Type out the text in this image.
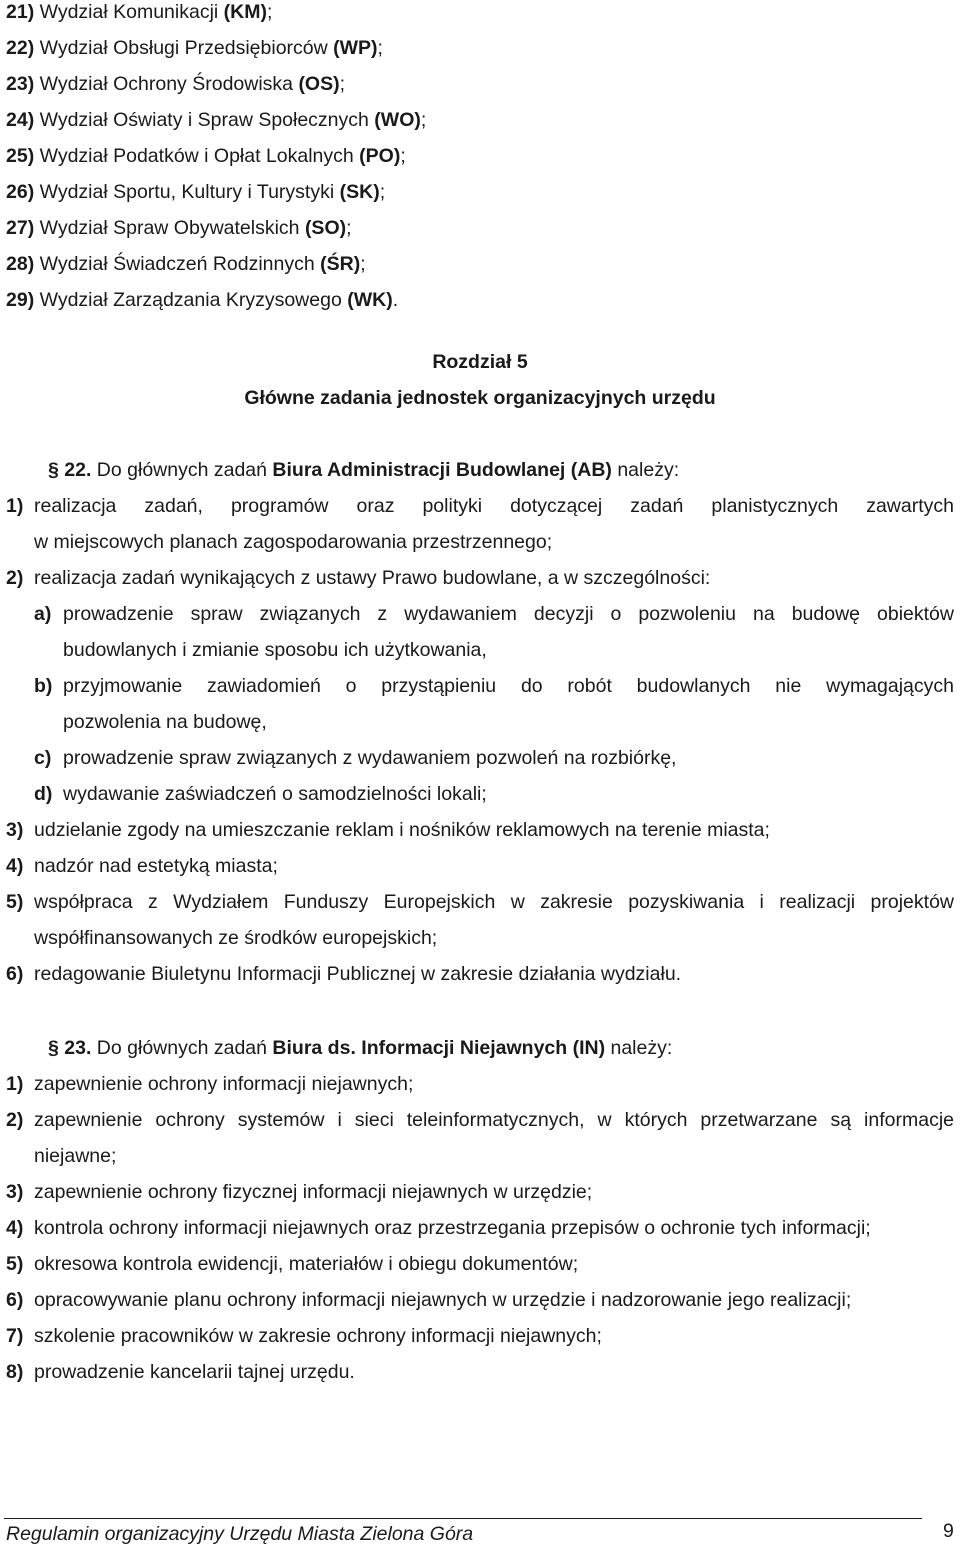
21) Wydział Komunikacji (KM);
22) Wydział Obsługi Przedsiębiorców (WP);
23) Wydział Ochrony Środowiska (OS);
24) Wydział Oświaty i Spraw Społecznych (WO);
25) Wydział Podatków i Opłat Lokalnych (PO);
26) Wydział Sportu, Kultury i Turystyki (SK);
27) Wydział Spraw Obywatelskich (SO);
28) Wydział Świadczeń Rodzinnych (ŚR);
29) Wydział Zarządzania Kryzysowego (WK).
Rozdział 5
Główne zadania jednostek organizacyjnych urzędu
§ 22. Do głównych zadań Biura Administracji Budowlanej (AB) należy:
1) realizacja zadań, programów oraz polityki dotyczącej zadań planistycznych zawartych
w miejscowych planach zagospodarowania przestrzennego;
2) realizacja zadań wynikających z ustawy Prawo budowlane, a w szczególności:
a) prowadzenie spraw związanych z wydawaniem decyzji o pozwoleniu na budowę obiektów
budowlanych i zmianie sposobu ich użytkowania,
b) przyjmowanie zawiadomień o przystąpieniu do robót budowlanych nie wymagających
pozwolenia na budowę,
c) prowadzenie spraw związanych z wydawaniem pozwoleń na rozbiórkę,
d) wydawanie zaświadczeń o samodzielności lokali;
3) udzielanie zgody na umieszczanie reklam i nośników reklamowych na terenie miasta;
4) nadzór nad estetyką miasta;
5) współpraca z Wydziałem Funduszy Europejskich w zakresie pozyskiwania i realizacji projektów
współfinansowanych ze środków europejskich;
6) redagowanie Biuletynu Informacji Publicznej w zakresie działania wydziału.
§ 23. Do głównych zadań Biura ds. Informacji Niejawnych (IN) należy:
1) zapewnienie ochrony informacji niejawnych;
2) zapewnienie ochrony systemów i sieci teleinformatycznych, w których przetwarzane są informacje
niejawne;
3) zapewnienie ochrony fizycznej informacji niejawnych w urzędzie;
4) kontrola ochrony informacji niejawnych oraz przestrzegania przepisów o ochronie tych informacji;
5) okresowa kontrola ewidencji, materiałów i obiegu dokumentów;
6) opracowywanie planu ochrony informacji niejawnych w urzędzie i nadzorowanie jego realizacji;
7) szkolenie pracowników w zakresie ochrony informacji niejawnych;
8) prowadzenie kancelarii tajnej urzędu.
Regulamin organizacyjny Urzędu Miasta Zielona Góra	9
